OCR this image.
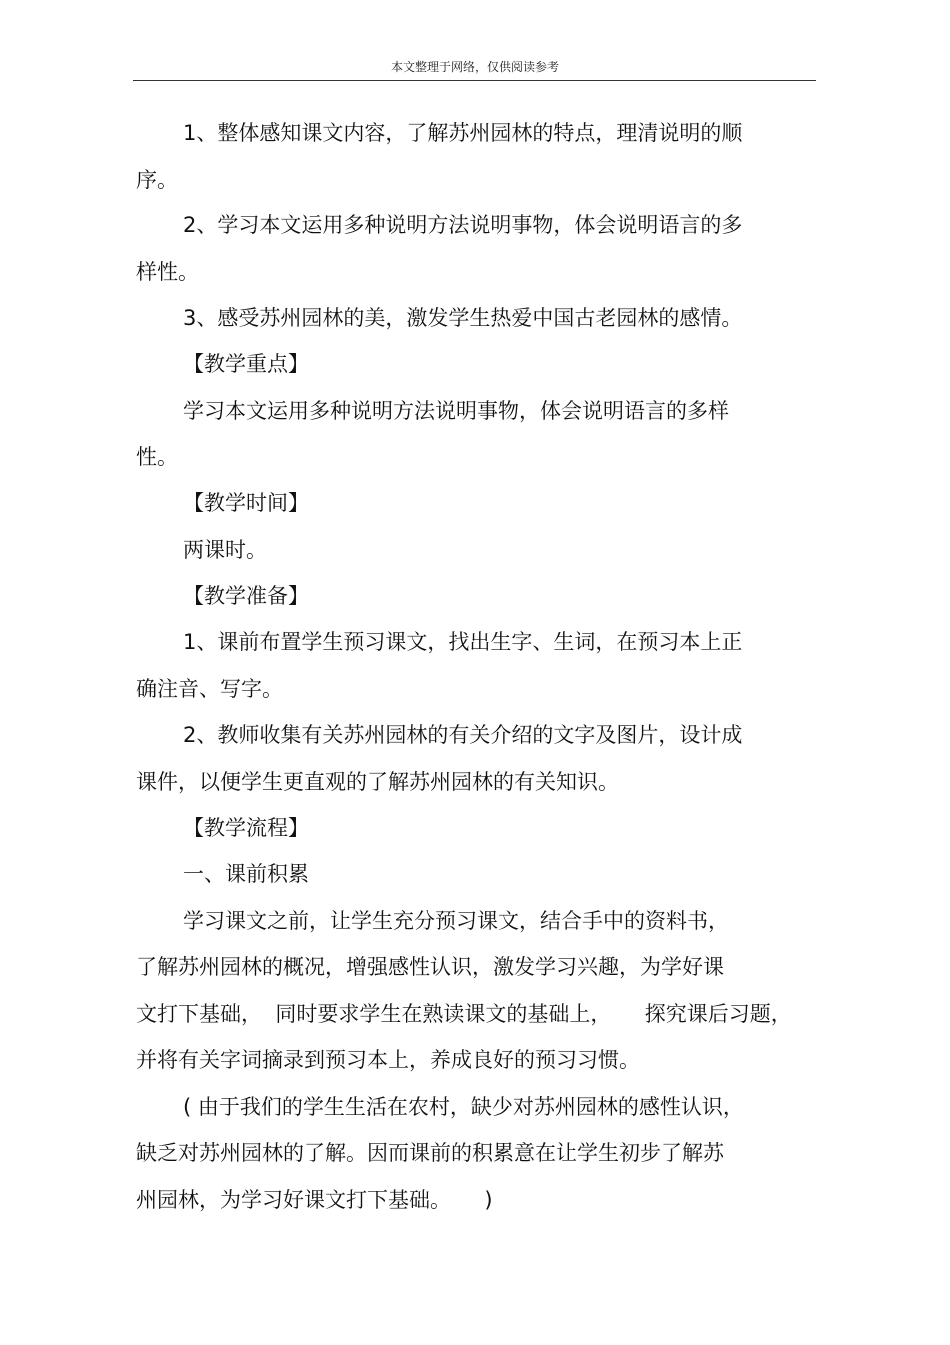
本文整理于网络，仅供阅读参考
1、整体感知课文内容，了解苏州园林的特点，理清说明的顺
序。
2、学习本文运用多种说明方法说明事物，体会说明语言的多
样性。
3、感受苏州园林的美，激发学生热爱中国古老园林的感情。
【教学重点】
学习本文运用多种说明方法说明事物，体会说明语言的多样
性。
【教学时间】
两课时。
【教学准备】
1、课前布置学生预习课文，找出生字、生词，在预习本上正
确注音、写字。
2、教师收集有关苏州园林的有关介绍的文字及图片，设计成
课件，以便学生更直观的了解苏州园林的有关知识。
【教学流程】
一、课前积累
学习课文之前，让学生充分预习课文，结合手中的资料书，
了解苏州园林的概况，增强感性认识，激发学习兴趣，为学好课
文打下基础，  同时要求学生在熟读课文的基础上，     探究课后习题，
并将有关字词摘录到预习本上，养成良好的预习习惯。
( 由于我们的学生生活在农村，缺少对苏州园林的感性认识，
缺乏对苏州园林的了解。因而课前的积累意在让学生初步了解苏
州园林，为学习好课文打下基础。     )
